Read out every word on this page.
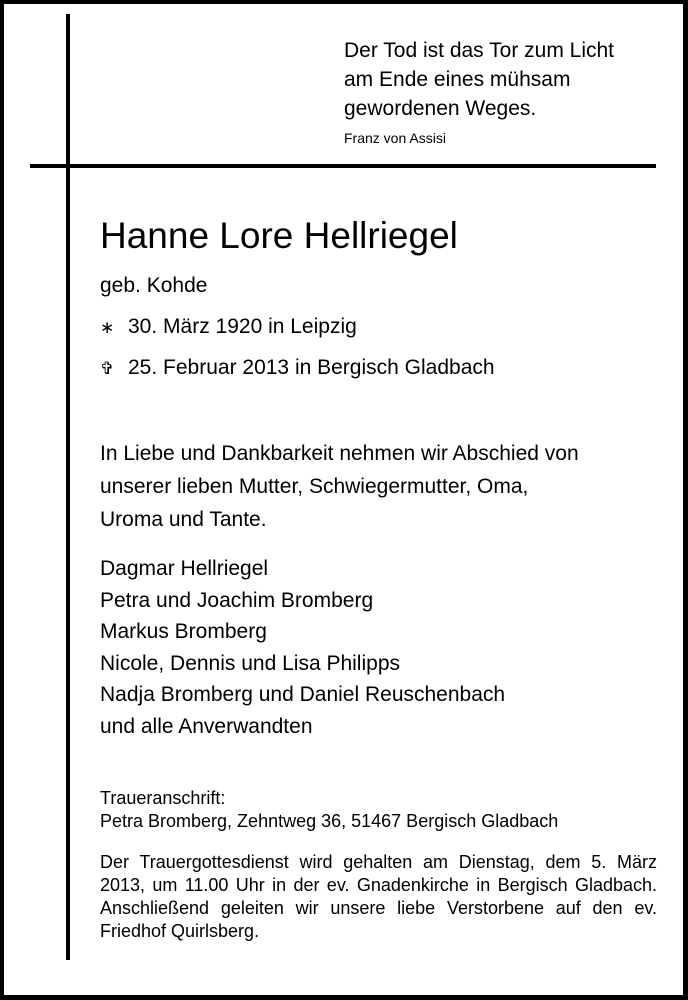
Der Tod ist das Tor zum Licht
am Ende eines mühsam
gewordenen Weges.
Franz von Assisi
Hanne Lore Hellriegel
geb. Kohde
∗ 30. März 1920 in Leipzig
✞ 25. Februar 2013 in Bergisch Gladbach
In Liebe und Dankbarkeit nehmen wir Abschied von
unserer lieben Mutter, Schwiegermutter, Oma,
Uroma und Tante.
Dagmar Hellriegel
Petra und Joachim Bromberg
Markus Bromberg
Nicole, Dennis und Lisa Philipps
Nadja Bromberg und Daniel Reuschenbach
und alle Anverwandten
Traueranschrift:
Petra Bromberg, Zehntweg 36, 51467 Bergisch Gladbach
Der Trauergottesdienst wird gehalten am Dienstag, dem 5. März 2013, um 11.00 Uhr in der ev. Gnadenkirche in Bergisch Gladbach. Anschließend geleiten wir unsere liebe Verstorbene auf den ev. Friedhof Quirlsberg.
